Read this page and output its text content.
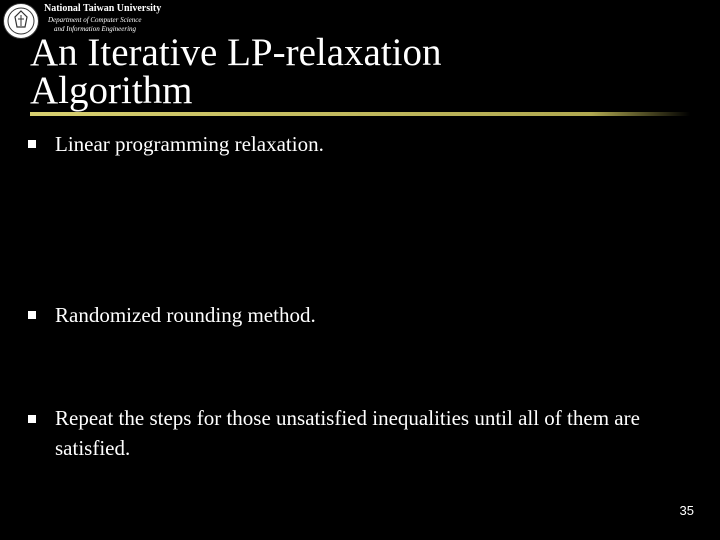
National Taiwan University
Department of Computer Science
and Information Engineering
An Iterative LP-relaxation
Algorithm
Linear programming relaxation.
Randomized rounding method.
Repeat the steps for those unsatisfied inequalities until all of them are satisfied.
35
